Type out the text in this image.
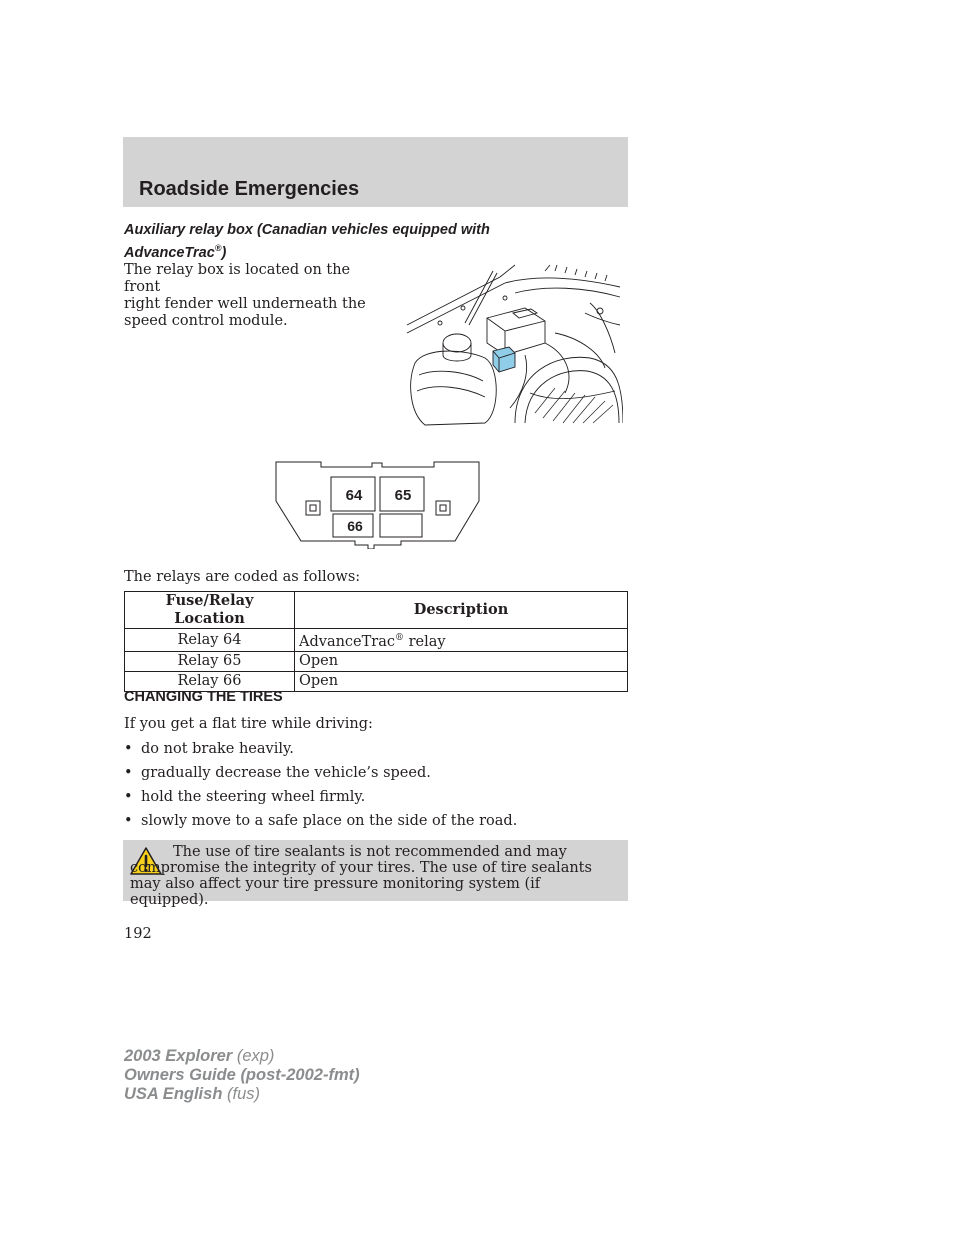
Roadside Emergencies
Auxiliary relay box (Canadian vehicles equipped with
AdvanceTrac®)
The relay box is located on the front
right fender well underneath the
speed control module.
64 65
66
The relays are coded as follows:
Fuse/Relay Location	Description
Relay 64	AdvanceTrac® relay
Relay 65	Open
Relay 66	Open
CHANGING THE TIRES
If you get a flat tire while driving:
• do not brake heavily.
• gradually decrease the vehicle’s speed.
• hold the steering wheel firmly.
• slowly move to a safe place on the side of the road.
The use of tire sealants is not recommended and may compromise the integrity of your tires. The use of tire sealants may also affect your tire pressure monitoring system (if equipped).
192
2003 Explorer (exp)
Owners Guide (post-2002-fmt)
USA English (fus)
